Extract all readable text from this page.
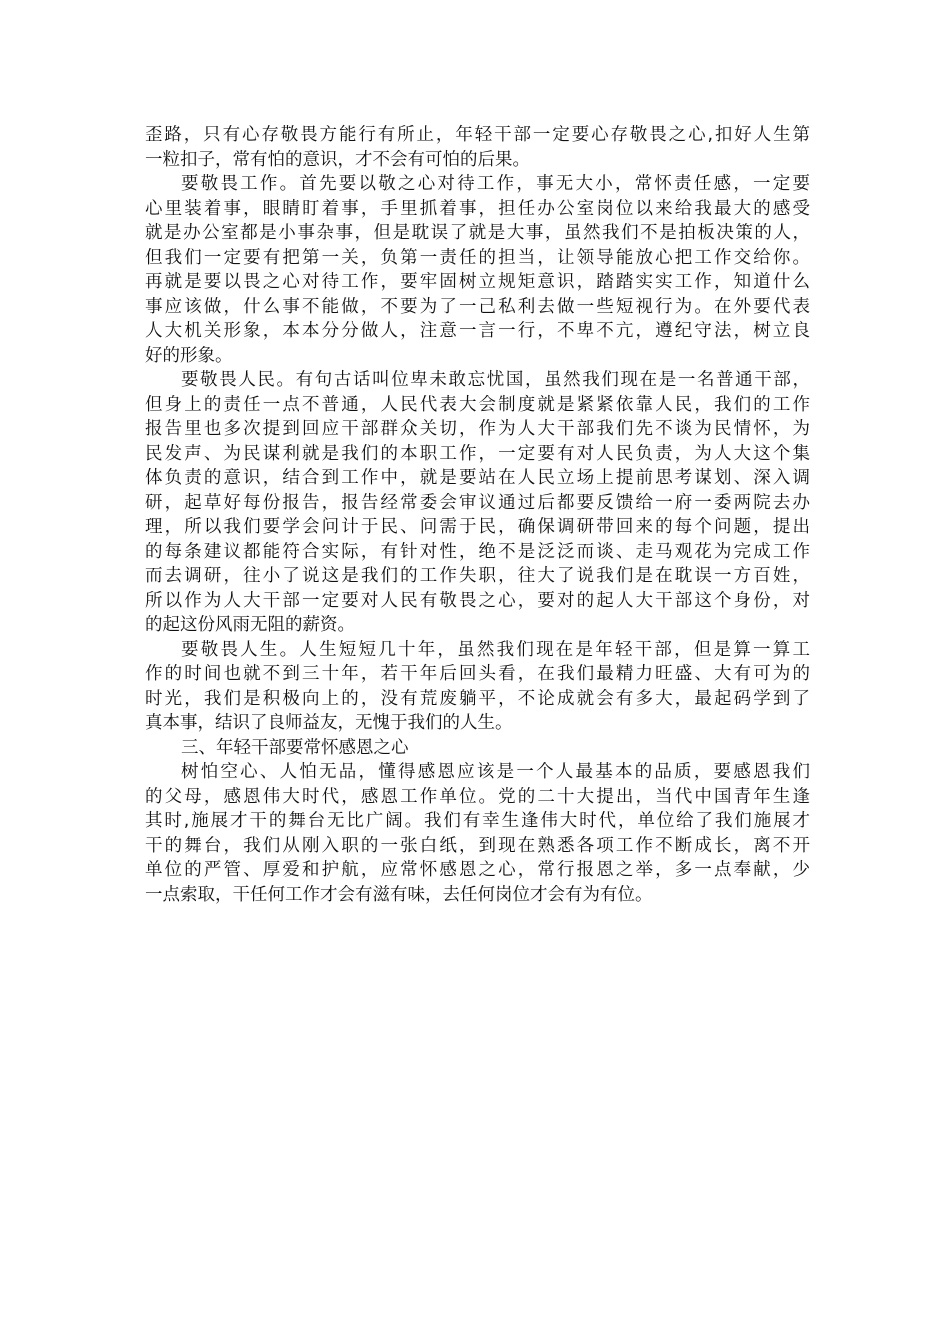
歪路，只有心存敬畏方能行有所止，年轻干部一定要心存敬畏之心,扣好人生第
一粒扣子，常有怕的意识，才不会有可怕的后果。
要敬畏工作。首先要以敬之心对待工作，事无大小，常怀责任感，一定要
心里装着事，眼睛盯着事，手里抓着事，担任办公室岗位以来给我最大的感受
就是办公室都是小事杂事，但是耽误了就是大事，虽然我们不是拍板决策的人，
但我们一定要有把第一关，负第一责任的担当，让领导能放心把工作交给你。
再就是要以畏之心对待工作，要牢固树立规矩意识，踏踏实实工作，知道什么
事应该做，什么事不能做，不要为了一己私利去做一些短视行为。在外要代表
人大机关形象，本本分分做人，注意一言一行，不卑不亢，遵纪守法，树立良
好的形象。
要敬畏人民。有句古话叫位卑未敢忘忧国，虽然我们现在是一名普通干部，
但身上的责任一点不普通，人民代表大会制度就是紧紧依靠人民，我们的工作
报告里也多次提到回应干部群众关切，作为人大干部我们先不谈为民情怀，为
民发声、为民谋利就是我们的本职工作，一定要有对人民负责，为人大这个集
体负责的意识，结合到工作中，就是要站在人民立场上提前思考谋划、深入调
研，起草好每份报告，报告经常委会审议通过后都要反馈给一府一委两院去办
理，所以我们要学会问计于民、问需于民，确保调研带回来的每个问题，提出
的每条建议都能符合实际，有针对性，绝不是泛泛而谈、走马观花为完成工作
而去调研，往小了说这是我们的工作失职，往大了说我们是在耽误一方百姓，
所以作为人大干部一定要对人民有敬畏之心，要对的起人大干部这个身份，对
的起这份风雨无阻的薪资。
要敬畏人生。人生短短几十年，虽然我们现在是年轻干部，但是算一算工
作的时间也就不到三十年，若干年后回头看，在我们最精力旺盛、大有可为的
时光，我们是积极向上的，没有荒废躺平，不论成就会有多大，最起码学到了
真本事，结识了良师益友，无愧于我们的人生。
三、年轻干部要常怀感恩之心
树怕空心、人怕无品，懂得感恩应该是一个人最基本的品质，要感恩我们
的父母，感恩伟大时代，感恩工作单位。党的二十大提出，当代中国青年生逢
其时,施展才干的舞台无比广阔。我们有幸生逢伟大时代，单位给了我们施展才
干的舞台，我们从刚入职的一张白纸，到现在熟悉各项工作不断成长，离不开
单位的严管、厚爱和护航，应常怀感恩之心，常行报恩之举，多一点奉献，少
一点索取，干任何工作才会有滋有味，去任何岗位才会有为有位。
